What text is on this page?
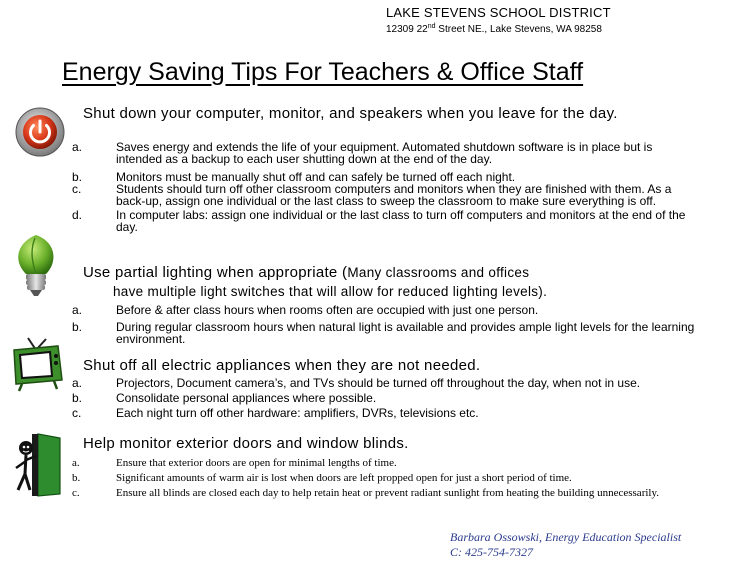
LAKE STEVENS SCHOOL DISTRICT
12309 22nd Street NE., Lake Stevens, WA 98258
Energy Saving Tips For Teachers & Office Staff
Shut down your computer, monitor, and speakers when you leave for the day.
a.	Saves energy and extends the life of your equipment. Automated shutdown software is in place but is intended as a backup to each user shutting down at the end of the day.
b.	Monitors must be manually shut off and can safely be turned off each night.
c.	Students should turn off other classroom computers and monitors when they are finished with them. As a back-up, assign one individual or the last class to sweep the classroom to make sure everything is off.
d.	In computer labs: assign one individual or the last class to turn off computers and monitors at the end of the day.
Use partial lighting when appropriate (Many classrooms and offices
have multiple light switches that will allow for reduced lighting levels).
a.	Before & after class hours when rooms often are occupied with just one person.
b.	During regular classroom hours when natural light is available and provides ample light levels for the learning environment.
Shut off all electric appliances when they are not needed.
a.	Projectors, Document camera’s, and TVs should be turned off throughout the day, when not in use.
b.	Consolidate personal appliances where possible.
c.	Each night turn off other hardware: amplifiers, DVRs, televisions etc.
Help monitor exterior doors and window blinds.
a.	Ensure that exterior doors are open for minimal lengths of time.
b.	Significant amounts of warm air is lost when doors are left propped open for just a short period of time.
c.	Ensure all blinds are closed each day to help retain heat or prevent radiant sunlight from heating the building unnecessarily.
Barbara Ossowski, Energy Education Specialist
C: 425-754-7327
